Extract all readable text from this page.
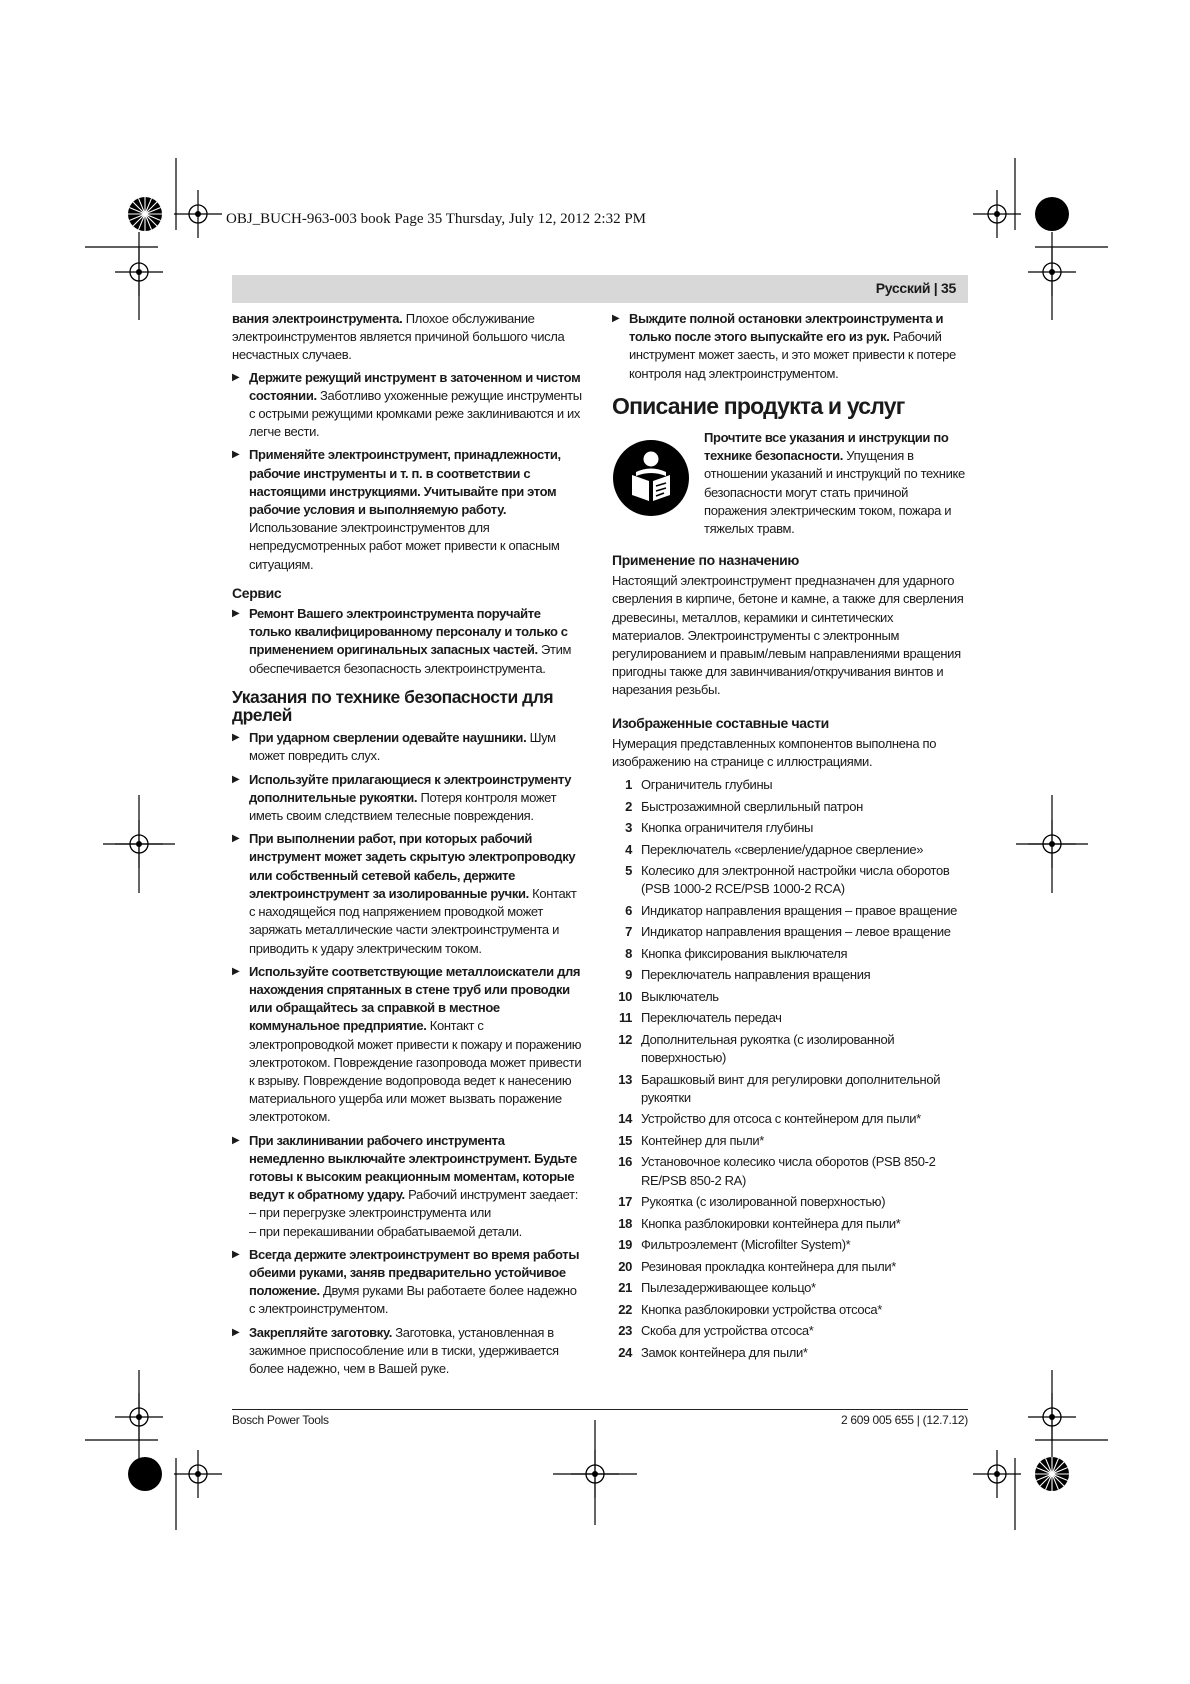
OBJ_BUCH-963-003 book Page 35 Thursday, July 12, 2012 2:32 PM
Русский | 35

вания электроинструмента. Плохое обслуживание электроинструментов является причиной большого числа несчастных случаев.

▶ Держите режущий инструмент в заточенном и чистом состоянии. Заботливо ухоженные режущие инструменты с острыми режущими кромками реже заклиниваются и их легче вести.

▶ Применяйте электроинструмент, принадлежности, рабочие инструменты и т. п. в соответствии с настоящими инструкциями. Учитывайте при этом рабочие условия и выполняемую работу. Использование электроинструментов для непредусмотренных работ может привести к опасным ситуациям.

Сервис

▶ Ремонт Вашего электроинструмента поручайте только квалифицированному персоналу и только с применением оригинальных запасных частей. Этим обеспечивается безопасность электроинструмента.

Указания по технике безопасности для дрелей

▶ При ударном сверлении одевайте наушники. Шум может повредить слух.

▶ Используйте прилагающиеся к электроинструменту дополнительные рукоятки. Потеря контроля может иметь своим следствием телесные повреждения.

▶ При выполнении работ, при которых рабочий инструмент может задеть скрытую электропроводку или собственный сетевой кабель, держите электроинструмент за изолированные ручки. Контакт с находящейся под напряжением проводкой может заряжать металлические части электроинструмента и приводить к удару электрическим током.

▶ Используйте соответствующие металлоискатели для нахождения спрятанных в стене труб или проводки или обращайтесь за справкой в местное коммунальное предприятие. Контакт с электропроводкой может привести к пожару и поражению электротоком. Повреждение газопровода может привести к взрыву. Повреждение водопровода ведет к нанесению материального ущерба или может вызвать поражение электротоком.

▶ При заклинивании рабочего инструмента немедленно выключайте электроинструмент. Будьте готовы к высоким реакционным моментам, которые ведут к обратному удару. Рабочий инструмент заедает:
– при перегрузке электроинструмента или
– при перекашивании обрабатываемой детали.

▶ Всегда держите электроинструмент во время работы обеими руками, заняв предварительно устойчивое положение. Двумя руками Вы работаете более надежно с электроинструментом.

▶ Закрепляйте заготовку. Заготовка, установленная в зажимное приспособление или в тиски, удерживается более надежно, чем в Вашей руке.

▶ Выждите полной остановки электроинструмента и только после этого выпускайте его из рук. Рабочий инструмент может заесть, и это может привести к потере контроля над электроинструментом.

Описание продукта и услуг

Прочтите все указания и инструкции по технике безопасности. Упущения в отношении указаний и инструкций по технике безопасности могут стать причиной поражения электрическим током, пожара и тяжелых травм.

Применение по назначению

Настоящий электроинструмент предназначен для ударного сверления в кирпиче, бетоне и камне, а также для сверления древесины, металлов, керамики и синтетических материалов. Электроинструменты с электронным регулированием и правым/левым направлениями вращения пригодны также для завинчивания/откручивания винтов и нарезания резьбы.

Изображенные составные части

Нумерация представленных компонентов выполнена по изображению на странице с иллюстрациями.

1 Ограничитель глубины
2 Быстрозажимной сверлильный патрон
3 Кнопка ограничителя глубины
4 Переключатель «сверление/ударное сверление»
5 Колесико для электронной настройки числа оборотов (PSB 1000-2 RCE/PSB 1000-2 RCA)
6 Индикатор направления вращения – правое вращение
7 Индикатор направления вращения – левое вращение
8 Кнопка фиксирования выключателя
9 Переключатель направления вращения
10 Выключатель
11 Переключатель передач
12 Дополнительная рукоятка (с изолированной поверхностью)
13 Барашковый винт для регулировки дополнительной рукоятки
14 Устройство для отсоса с контейнером для пыли*
15 Контейнер для пыли*
16 Установочное колесико числа оборотов (PSB 850-2 RE/PSB 850-2 RA)
17 Рукоятка (с изолированной поверхностью)
18 Кнопка разблокировки контейнера для пыли*
19 Фильтроэлемент (Microfilter System)*
20 Резиновая прокладка контейнера для пыли*
21 Пылезадерживающее кольцо*
22 Кнопка разблокировки устройства отсоса*
23 Скоба для устройства отсоса*
24 Замок контейнера для пыли*
Bosch Power Tools	2 609 005 655 | (12.7.12)
